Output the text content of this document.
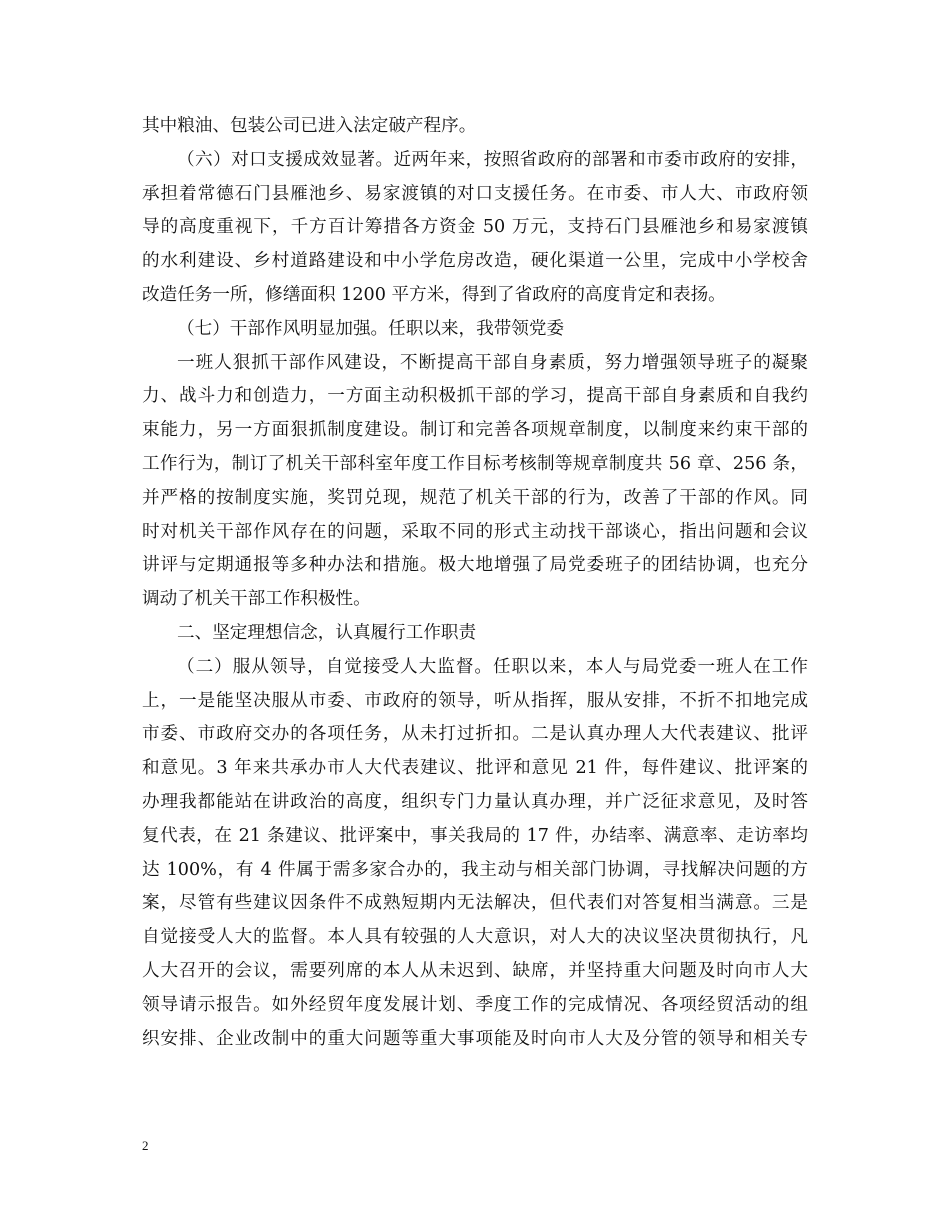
其中粮油、包装公司已进入法定破产程序。
（六）对口支援成效显著。近两年来，按照省政府的部署和市委市政府的安排，
承担着常德石门县雁池乡、易家渡镇的对口支援任务。在市委、市人大、市政府领
导的高度重视下，千方百计筹措各方资金 50 万元，支持石门县雁池乡和易家渡镇
的水利建设、乡村道路建设和中小学危房改造，硬化渠道一公里，完成中小学校舍
改造任务一所，修缮面积 1200 平方米，得到了省政府的高度肯定和表扬。
（七）干部作风明显加强。任职以来，我带领党委
一班人狠抓干部作风建设，不断提高干部自身素质，努力增强领导班子的凝聚
力、战斗力和创造力，一方面主动积极抓干部的学习，提高干部自身素质和自我约
束能力，另一方面狠抓制度建设。制订和完善各项规章制度，以制度来约束干部的
工作行为，制订了机关干部科室年度工作目标考核制等规章制度共 56 章、256 条，
并严格的按制度实施，奖罚兑现，规范了机关干部的行为，改善了干部的作风。同
时对机关干部作风存在的问题，采取不同的形式主动找干部谈心，指出问题和会议
讲评与定期通报等多种办法和措施。极大地增强了局党委班子的团结协调，也充分
调动了机关干部工作积极性。
二、坚定理想信念，认真履行工作职责
（二）服从领导，自觉接受人大监督。任职以来，本人与局党委一班人在工作
上，一是能坚决服从市委、市政府的领导，听从指挥，服从安排，不折不扣地完成
市委、市政府交办的各项任务，从未打过折扣。二是认真办理人大代表建议、批评
和意见。3 年来共承办市人大代表建议、批评和意见 21 件，每件建议、批评案的
办理我都能站在讲政治的高度，组织专门力量认真办理，并广泛征求意见，及时答
复代表，在 21 条建议、批评案中，事关我局的 17 件，办结率、满意率、走访率均
达 100%，有 4 件属于需多家合办的，我主动与相关部门协调，寻找解决问题的方
案，尽管有些建议因条件不成熟短期内无法解决，但代表们对答复相当满意。三是
自觉接受人大的监督。本人具有较强的人大意识，对人大的决议坚决贯彻执行，凡
人大召开的会议，需要列席的本人从未迟到、缺席，并坚持重大问题及时向市人大
领导请示报告。如外经贸年度发展计划、季度工作的完成情况、各项经贸活动的组
织安排、企业改制中的重大问题等重大事项能及时向市人大及分管的领导和相关专
2
